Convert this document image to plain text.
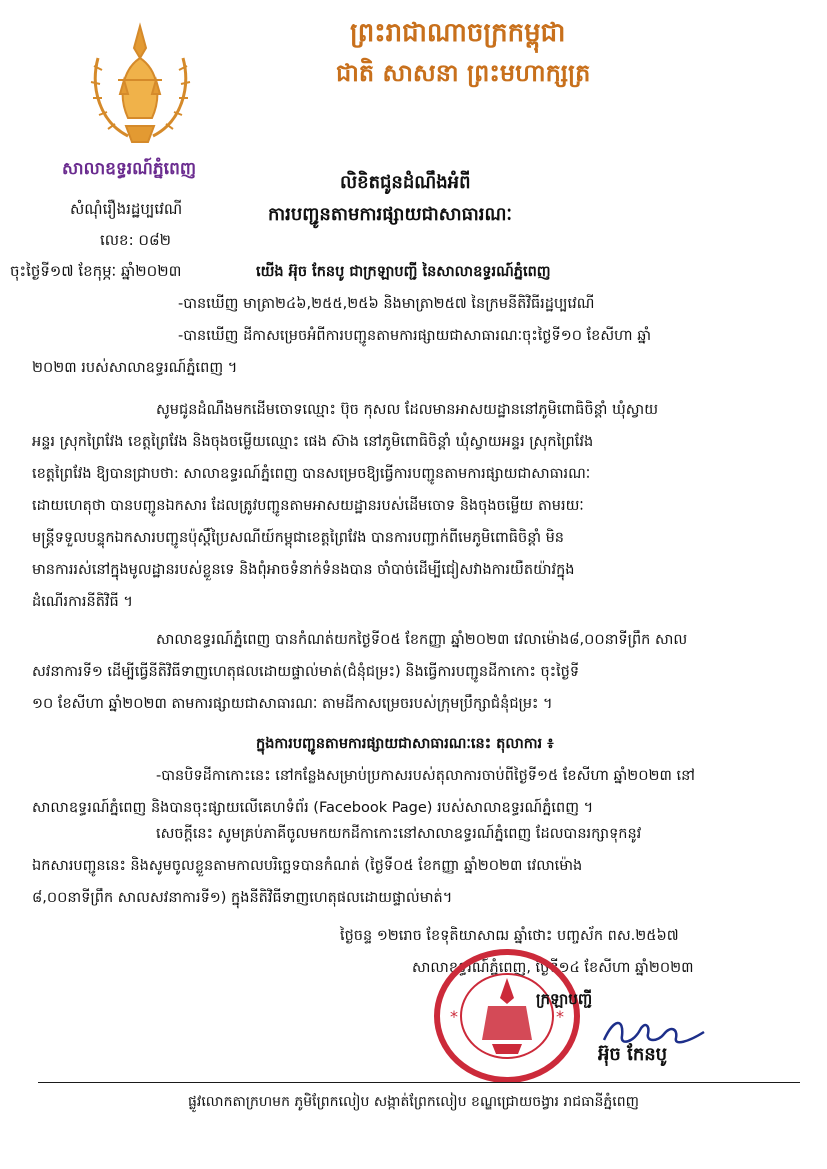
ព្រះរាជាណាចក្រកម្ពុជា
ជាតិ សាសនា ព្រះមហាក្សត្រ
សាលាឧទ្ធរណ៍ភ្នំពេញ
សំណុំរឿងរដ្ឋប្បវេណី
លេខ: ០៨២
ចុះថ្ងៃទី១៧ ខែកុម្ភៈ ឆ្នាំ២០២៣
លិខិតជូនដំណឹងអំពី
ការបញ្ជូនតាមការផ្សាយជាសាធារណៈ
យើង អ៊ុច កែនបូ ជាក្រឡាបញ្ជី នៃសាលាឧទ្ធរណ៍ភ្នំពេញ
-បានឃើញ មាត្រា២៤៦,២៥៥,២៥៦ និងមាត្រា២៥៧ នៃក្រមនីតិវិធីរដ្ឋប្បវេណី
-បានឃើញ ដីកាសម្រេចអំពីការបញ្ជូនតាមការផ្សាយជាសាធារណៈចុះថ្ងៃទី១០ ខែសីហា ឆ្នាំ
២០២៣ របស់សាលាឧទ្ធរណ៍ភ្នំពេញ ។
សូមជូនដំណឹងមកដើមចោទឈ្មោះ ប៊ុច កុសល ដែលមានអាសយដ្ឋាននៅភូមិពោធិចិន្តាំ ឃុំស្វាយ
អន្ទរ ស្រុកព្រៃវែង ខេត្តព្រៃវែង និងចុងចម្លើយឈ្មោះ ផេង ស៊ាង នៅភូមិពោធិចិន្តាំ ឃុំស្វាយអន្ទរ ស្រុកព្រៃវែង
ខេត្តព្រៃវែង ឱ្យបានជ្រាបថា: សាលាឧទ្ធរណ៍ភ្នំពេញ បានសម្រេចឱ្យធ្វើការបញ្ជូនតាមការផ្សាយជាសាធារណៈ
ដោយហេតុថា បានបញ្ជូនឯកសារ ដែលត្រូវបញ្ជូនតាមអាសយដ្ឋានរបស់ដើមចោទ និងចុងចម្លើយ តាមរយៈ
មន្ត្រីទទួលបន្ទុកឯកសារបញ្ជូនប៉ុស្តិ៍ប្រៃសណីយ៍កម្ពុជាខេត្តព្រៃវែង បានការបញ្ជាក់ពីមេភូមិពោធិចិន្តាំ មិន
មានការរស់នៅក្នុងមូលដ្ឋានរបស់ខ្លួនទេ និងពុំអាចទំនាក់ទំនងបាន ចាំបាច់ដើម្បីជៀសវាងការយឺតយ៉ាវក្នុង
ដំណើរការនីតិវិធី ។
សាលាឧទ្ធរណ៍ភ្នំពេញ បានកំណត់យកថ្ងៃទី០៥ ខែកញ្ញា ឆ្នាំ២០២៣ វេលាម៉ោង៨,០០នាទីព្រឹក សាល
សវនាការទី១ ដើម្បីធ្វើនីតិវិធីទាញហេតុផលដោយផ្ទាល់មាត់(ជំនុំជម្រះ) និងធ្វើការបញ្ជូនដីកាកោះ ចុះថ្ងៃទី
១០ ខែសីហា ឆ្នាំ២០២៣ តាមការផ្សាយជាសាធារណៈ តាមដីកាសម្រេចរបស់ក្រុមប្រឹក្សាជំនុំជម្រះ ។
ក្នុងការបញ្ជូនតាមការផ្សាយជាសាធារណៈនេះ តុលាការ ៖
-បានបិទដីកាកោះនេះ នៅកន្លែងសម្រាប់ប្រកាសរបស់តុលាការចាប់ពីថ្ងៃទី១៥ ខែសីហា ឆ្នាំ២០២៣ នៅ
សាលាឧទ្ធរណ៍ភ្នំពេញ និងបានចុះផ្សាយលើគេហទំព័រ (Facebook Page) របស់សាលាឧទ្ធរណ៍ភ្នំពេញ ។
សេចក្តីនេះ សូមគ្រប់ភាគីចូលមកយកដីកាកោះនៅសាលាឧទ្ធរណ៍ភ្នំពេញ ដែលបានរក្សាទុកនូវ
ឯកសារបញ្ជូននេះ និងសូមចូលខ្លួនតាមកាលបរិច្ឆេទបានកំណត់ (ថ្ងៃទី០៥ ខែកញ្ញា ឆ្នាំ២០២៣ វេលាម៉ោង
៨,០០នាទីព្រឹក សាលសវនាការទី១) ក្នុងនីតិវិធីទាញហេតុផលដោយផ្ទាល់មាត់។
ថ្ងៃចន្ទ ១២រោច ខែទុតិយាសាឍ ឆ្នាំថោះ បញ្ចស័ក ពស.២៥៦៧
សាលាឧទ្ធរណ៍ភ្នំពេញ, ថ្ងៃទី១៤ ខែសីហា ឆ្នាំ២០២៣
*	*
ក្រឡាបញ្ជី
អ៊ុច កែនបូ
ផ្លូវលោកតាក្រហមក ភូមិព្រែកលៀប សង្កាត់ព្រែកលៀប ខណ្ឌជ្រោយចង្វារ រាជធានីភ្នំពេញ
